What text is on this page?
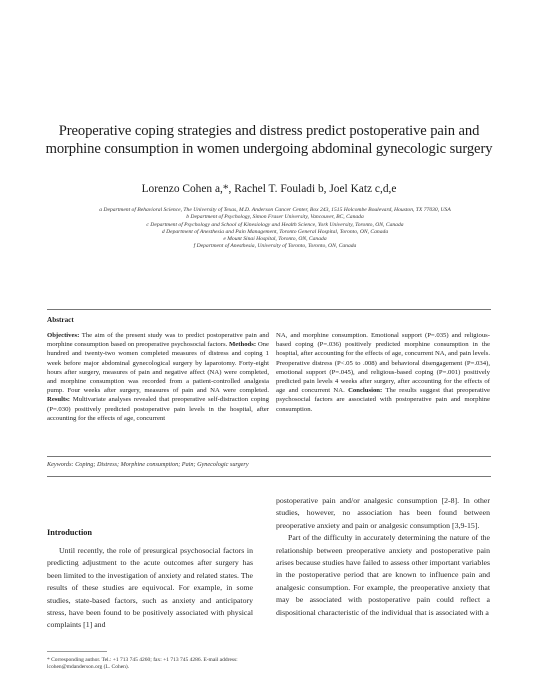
Preoperative coping strategies and distress predict postoperative pain and morphine consumption in women undergoing abdominal gynecologic surgery
Lorenzo Cohen a,*, Rachel T. Fouladi b, Joel Katz c,d,e
a Department of Behavioral Science, The University of Texas, M.D. Anderson Cancer Center, Box 243, 1515 Holcombe Boulevard, Houston, TX 77030, USA
b Department of Psychology, Simon Fraser University, Vancouver, BC, Canada
c Department of Psychology and School of Kinesiology and Health Science, York University, Toronto, ON, Canada
d Department of Anesthesia and Pain Management, Toronto General Hospital, Toronto, ON, Canada
e Mount Sinai Hospital, Toronto, ON, Canada
f Department of Anesthesia, University of Toronto, Toronto, ON, Canada
Abstract
Objectives: The aim of the present study was to predict postoperative pain and morphine consumption based on preoperative psychosocial factors. Methods: One hundred and twenty-two women completed measures of distress and coping 1 week before major abdominal gynecological surgery by laparotomy. Forty-eight hours after surgery, measures of pain and negative affect (NA) were completed, and morphine consumption was recorded from a patient-controlled analgesia pump. Four weeks after surgery, measures of pain and NA were completed. Results: Multivariate analyses revealed that preoperative self-distraction coping (P=.030) positively predicted postoperative pain levels in the hospital, after accounting for the effects of age, concurrent
NA, and morphine consumption. Emotional support (P=.035) and religious-based coping (P=.036) positively predicted morphine consumption in the hospital, after accounting for the effects of age, concurrent NA, and pain levels. Preoperative distress (P<.05 to .008) and behavioral disengagement (P=.034), emotional support (P=.045), and religious-based coping (P=.001) positively predicted pain levels 4 weeks after surgery, after accounting for the effects of age and concurrent NA. Conclusion: The results suggest that preoperative psychosocial factors are associated with postoperative pain and morphine consumption.
Keywords: Coping; Distress; Morphine consumption; Pain; Gynecologic surgery
Introduction

Until recently, the role of presurgical psychosocial factors in predicting adjustment to the acute outcomes after surgery has been limited to the investigation of anxiety and related states. The results of these studies are equivocal. For example, in some studies, state-based factors, such as anxiety and anticipatory stress, have been found to be positively associated with physical complaints [1] and

* Corresponding author. Tel.: +1 713 745 4260; fax: +1 713 745 4286. E-mail address: lcohen@mdanderson.org (L. Cohen).

postoperative pain and/or analgesic consumption [2-8]. In other studies, however, no association has been found between preoperative anxiety and pain or analgesic consumption [3,9-15].

Part of the difficulty in accurately determining the nature of the relationship between preoperative anxiety and postoperative pain arises because studies have failed to assess other important variables in the postoperative period that are known to influence pain and analgesic consumption. For example, the preoperative anxiety that may be associated with postoperative pain could reflect a dispositional characteristic of the individual that is associated with a
